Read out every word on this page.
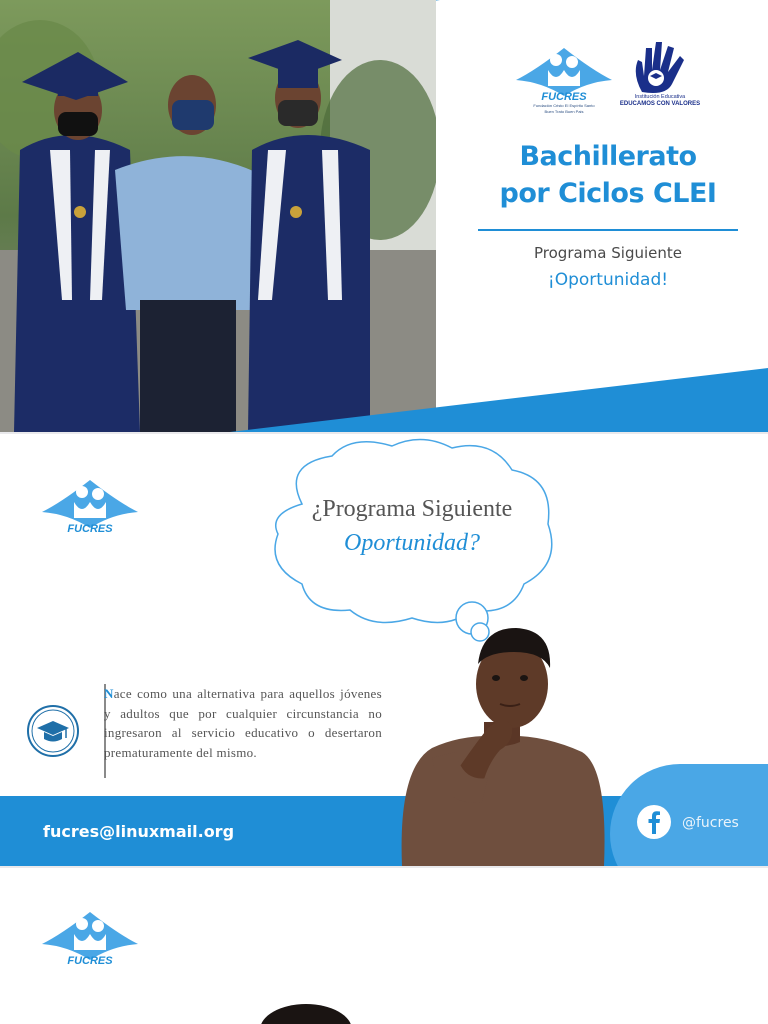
FUCRES
Fundación Cristo El Espíritu Santo
Buen Trato Buen Pais
Institución Educativa
EDUCAMOS CON VALORES
Bachillerato
por Ciclos CLEI
Programa Siguiente
¡Oportunidad!
FUCRES
¿Programa Siguiente
Oportunidad?

Nace como una alternativa para aquellos jóvenes y adultos que por cualquier circunstancia no ingresaron al servicio educativo o desertaron prematuramente del mismo.

fucres@linuxmail.org	@fucres
FUCRES
